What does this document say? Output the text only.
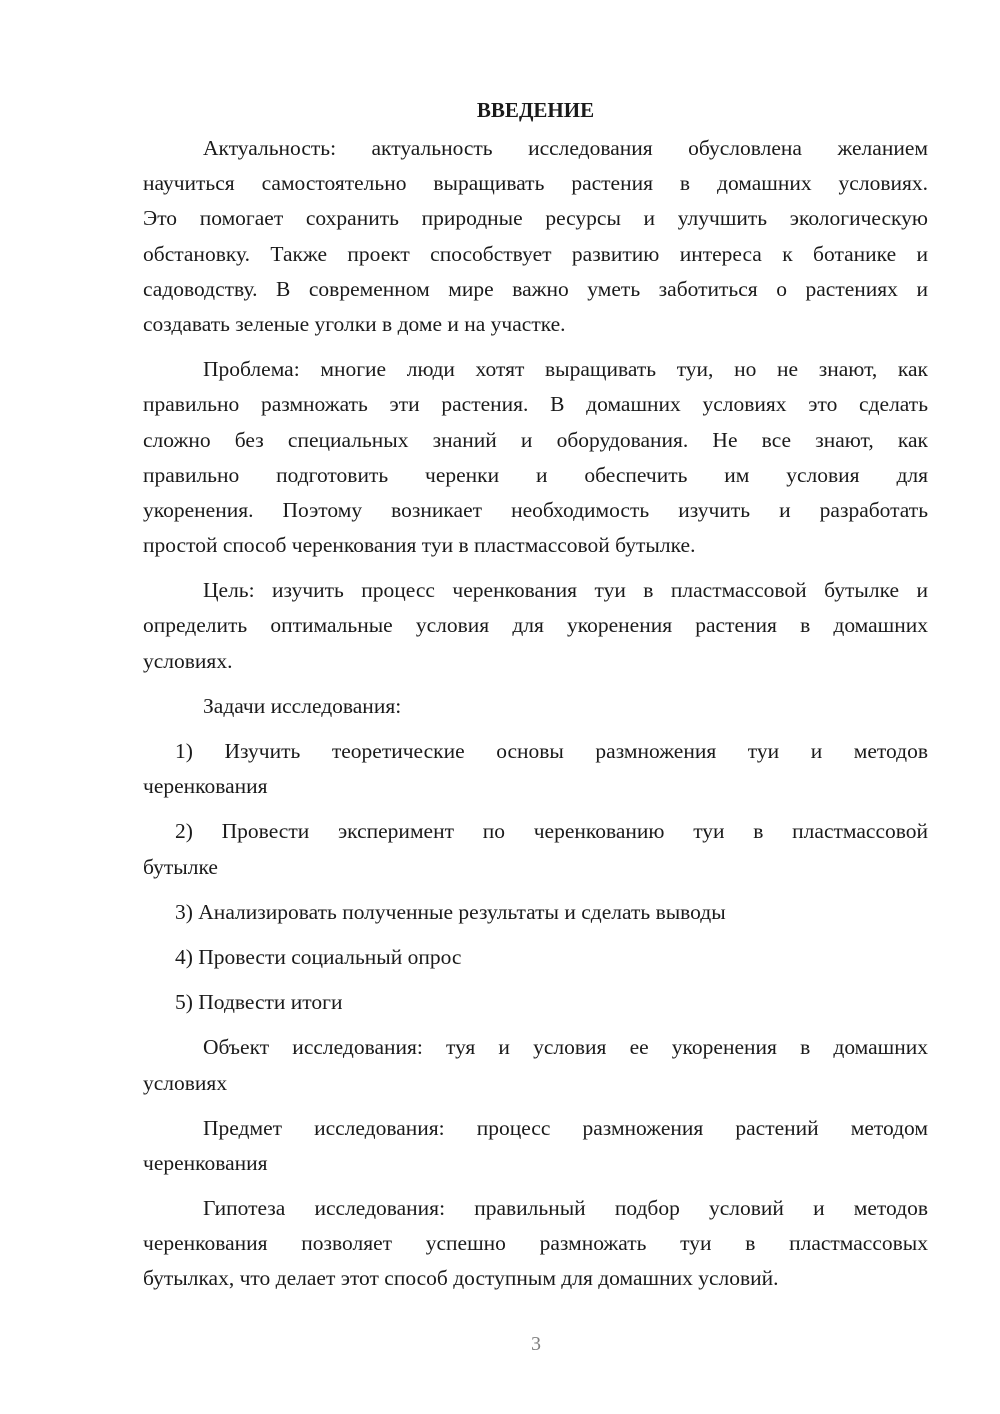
ВВЕДЕНИЕ
Актуальность: актуальность исследования обусловлена желанием
научиться самостоятельно выращивать растения в домашних условиях.
Это помогает сохранить природные ресурсы и улучшить экологическую
обстановку. Также проект способствует развитию интереса к ботанике и
садоводству. В современном мире важно уметь заботиться о растениях и
создавать зеленые уголки в доме и на участке.
Проблема: многие люди хотят выращивать туи, но не знают, как
правильно размножать эти растения. В домашних условиях это сделать
сложно без специальных знаний и оборудования. Не все знают, как
правильно подготовить черенки и обеспечить им условия для
укоренения. Поэтому возникает необходимость изучить и разработать
простой способ черенкования туи в пластмассовой бутылке.
Цель: изучить процесс черенкования туи в пластмассовой бутылке и
определить оптимальные условия для укоренения растения в домашних
условиях.
Задачи исследования:
1) Изучить теоретические основы размножения туи и методов
черенкования
2) Провести эксперимент по черенкованию туи в пластмассовой
бутылке
3) Анализировать полученные результаты и сделать выводы
4) Провести социальный опрос
5) Подвести итоги
Объект исследования: туя и условия ее укоренения в домашних
условиях
Предмет исследования: процесс размножения растений методом
черенкования
Гипотеза исследования: правильный подбор условий и методов
черенкования позволяет успешно размножать туи в пластмассовых
бутылках, что делает этот способ доступным для домашних условий.
3
